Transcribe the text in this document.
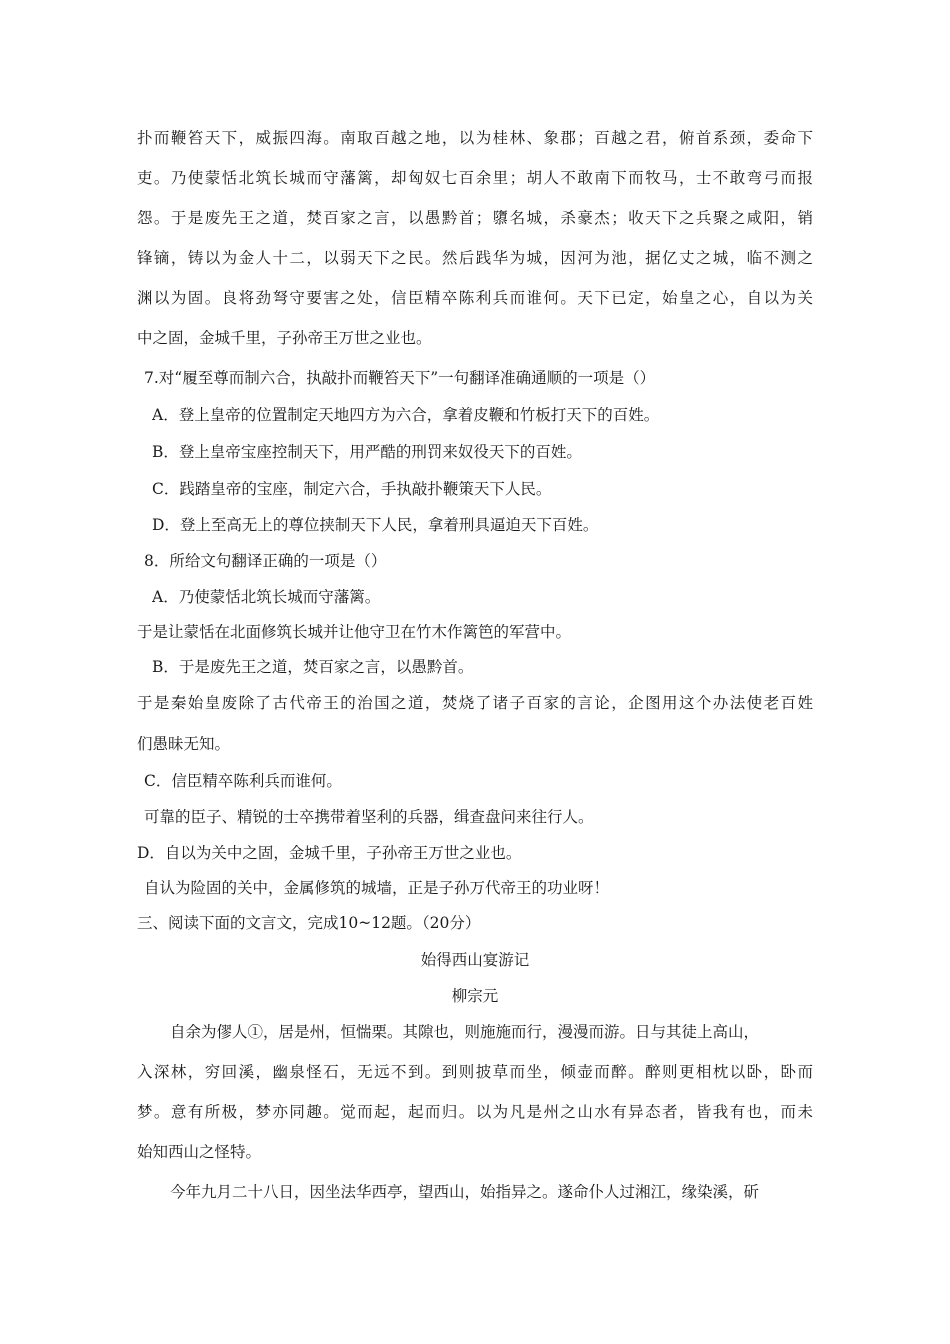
扑而鞭笞天下，威振四海。南取百越之地，以为桂林、象郡；百越之君，俯首系颈，委命下
吏。乃使蒙恬北筑长城而守藩篱，却匈奴七百余里；胡人不敢南下而牧马，士不敢弯弓而报
怨。于是废先王之道，焚百家之言，以愚黔首；隳名城，杀豪杰；收天下之兵聚之咸阳，销
锋镝，铸以为金人十二，以弱天下之民。然后践华为城，因河为池，据亿丈之城，临不测之
渊以为固。良将劲弩守要害之处，信臣精卒陈利兵而谁何。天下已定，始皇之心，自以为关
中之固，金城千里，子孙帝王万世之业也。
7.对“履至尊而制六合，执敲扑而鞭笞天下”一句翻译准确通顺的一项是（）
A．登上皇帝的位置制定天地四方为六合，拿着皮鞭和竹板打天下的百姓。
B．登上皇帝宝座控制天下，用严酷的刑罚来奴役天下的百姓。
C．践踏皇帝的宝座，制定六合，手执敲扑鞭策天下人民。
D．登上至高无上的尊位挟制天下人民，拿着刑具逼迫天下百姓。
8．所给文句翻译正确的一项是（）
A．乃使蒙恬北筑长城而守藩篱。
于是让蒙恬在北面修筑长城并让他守卫在竹木作篱笆的军营中。
B．于是废先王之道，焚百家之言，以愚黔首。
于是秦始皇废除了古代帝王的治国之道，焚烧了诸子百家的言论，企图用这个办法使老百姓
们愚昧无知。
C．信臣精卒陈利兵而谁何。
可靠的臣子、精锐的士卒携带着坚利的兵器，缉查盘问来往行人。
D．自以为关中之固，金城千里，子孙帝王万世之业也。
自认为险固的关中，金属修筑的城墙，正是子孙万代帝王的功业呀！
三、阅读下面的文言文，完成10~12题。（20分）
始得西山宴游记
柳宗元
自余为僇人①，居是州，恒惴栗。其隙也，则施施而行，漫漫而游。日与其徒上高山，
入深林，穷回溪，幽泉怪石，无远不到。到则披草而坐，倾壶而醉。醉则更相枕以卧，卧而
梦。意有所极，梦亦同趣。觉而起，起而归。以为凡是州之山水有异态者，皆我有也，而未
始知西山之怪特。
今年九月二十八日，因坐法华西亭，望西山，始指异之。遂命仆人过湘江，缘染溪，斫
